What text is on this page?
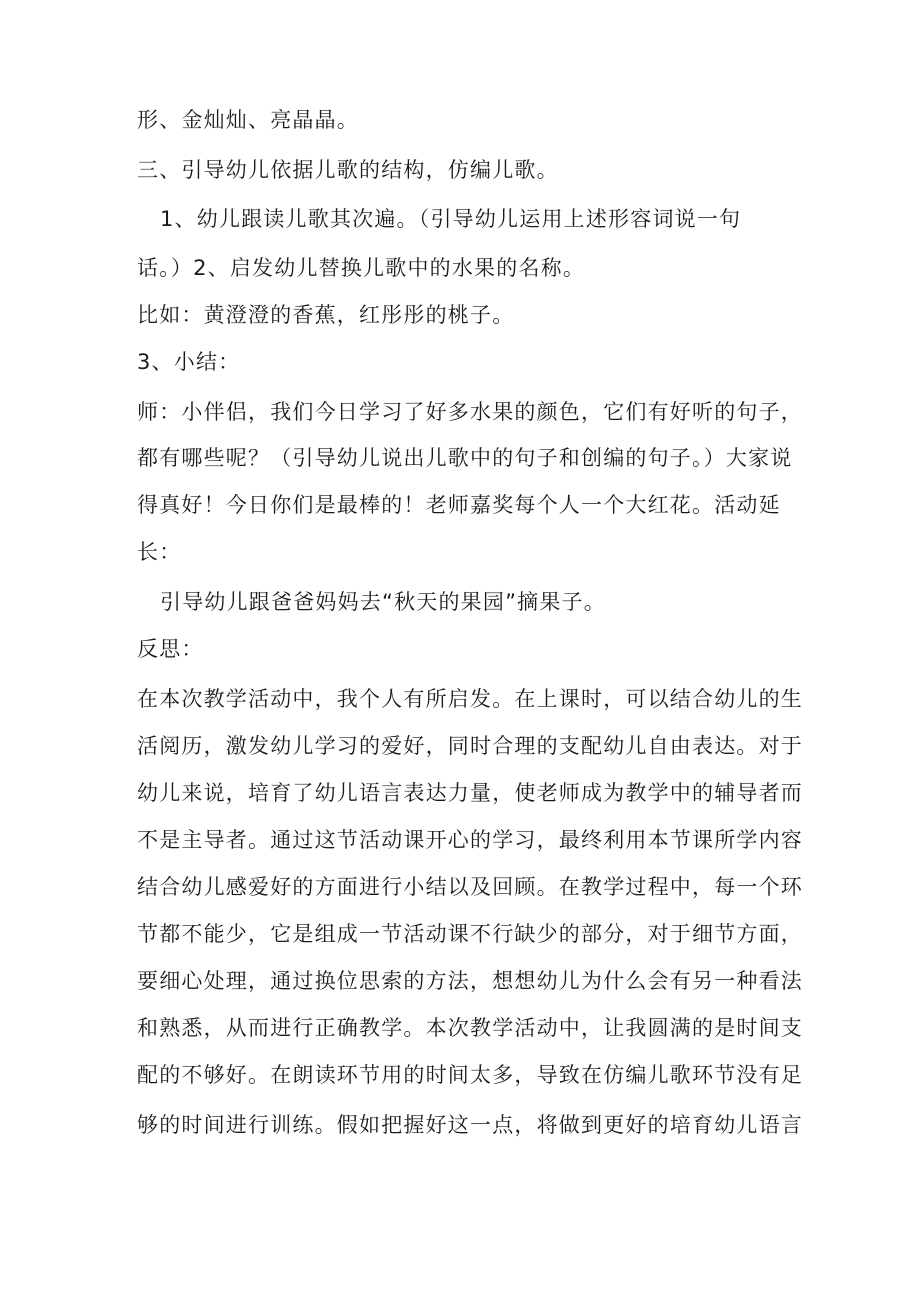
形、金灿灿、亮晶晶。
三、引导幼儿依据儿歌的结构，仿编儿歌。
1、幼儿跟读儿歌其次遍。（引导幼儿运用上述形容词说一句
话。）2、启发幼儿替换儿歌中的水果的名称。
比如：黄澄澄的香蕉，红彤彤的桃子。
3、小结：
师：小伴侣，我们今日学习了好多水果的颜色，它们有好听的句子，
都有哪些呢？（引导幼儿说出儿歌中的句子和创编的句子。）大家说
得真好！今日你们是最棒的！老师嘉奖每个人一个大红花。活动延
长：
引导幼儿跟爸爸妈妈去“秋天的果园”摘果子。
反思：
在本次教学活动中，我个人有所启发。在上课时，可以结合幼儿的生
活阅历，激发幼儿学习的爱好，同时合理的支配幼儿自由表达。对于
幼儿来说，培育了幼儿语言表达力量，使老师成为教学中的辅导者而
不是主导者。通过这节活动课开心的学习，最终利用本节课所学内容
结合幼儿感爱好的方面进行小结以及回顾。在教学过程中，每一个环
节都不能少，它是组成一节活动课不行缺少的部分，对于细节方面，
要细心处理，通过换位思索的方法，想想幼儿为什么会有另一种看法
和熟悉，从而进行正确教学。本次教学活动中，让我圆满的是时间支
配的不够好。在朗读环节用的时间太多，导致在仿编儿歌环节没有足
够的时间进行训练。假如把握好这一点，将做到更好的培育幼儿语言
